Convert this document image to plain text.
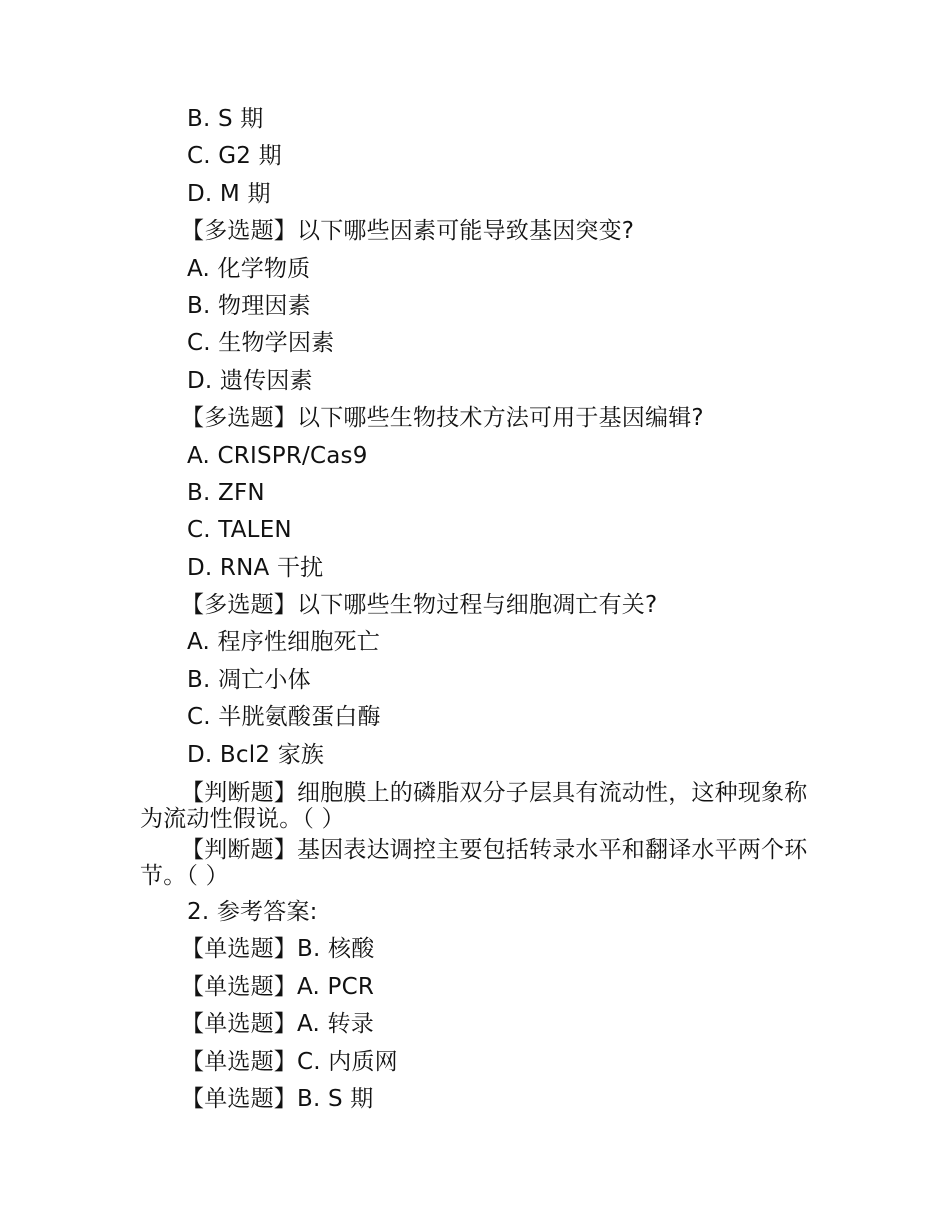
B. S 期
C. G2 期
D. M 期
【多选题】以下哪些因素可能导致基因突变?
A. 化学物质
B. 物理因素
C. 生物学因素
D. 遗传因素
【多选题】以下哪些生物技术方法可用于基因编辑?
A. CRISPR/Cas9
B. ZFN
C. TALEN
D. RNA 干扰
【多选题】以下哪些生物过程与细胞凋亡有关?
A. 程序性细胞死亡
B. 凋亡小体
C. 半胱氨酸蛋白酶
D. Bcl2 家族
【判断题】细胞膜上的磷脂双分子层具有流动性，这种现象称为流动性假说。（ ）
【判断题】基因表达调控主要包括转录水平和翻译水平两个环节。（ ）
2. 参考答案:
【单选题】B. 核酸
【单选题】A. PCR
【单选题】A. 转录
【单选题】C. 内质网
【单选题】B. S 期
